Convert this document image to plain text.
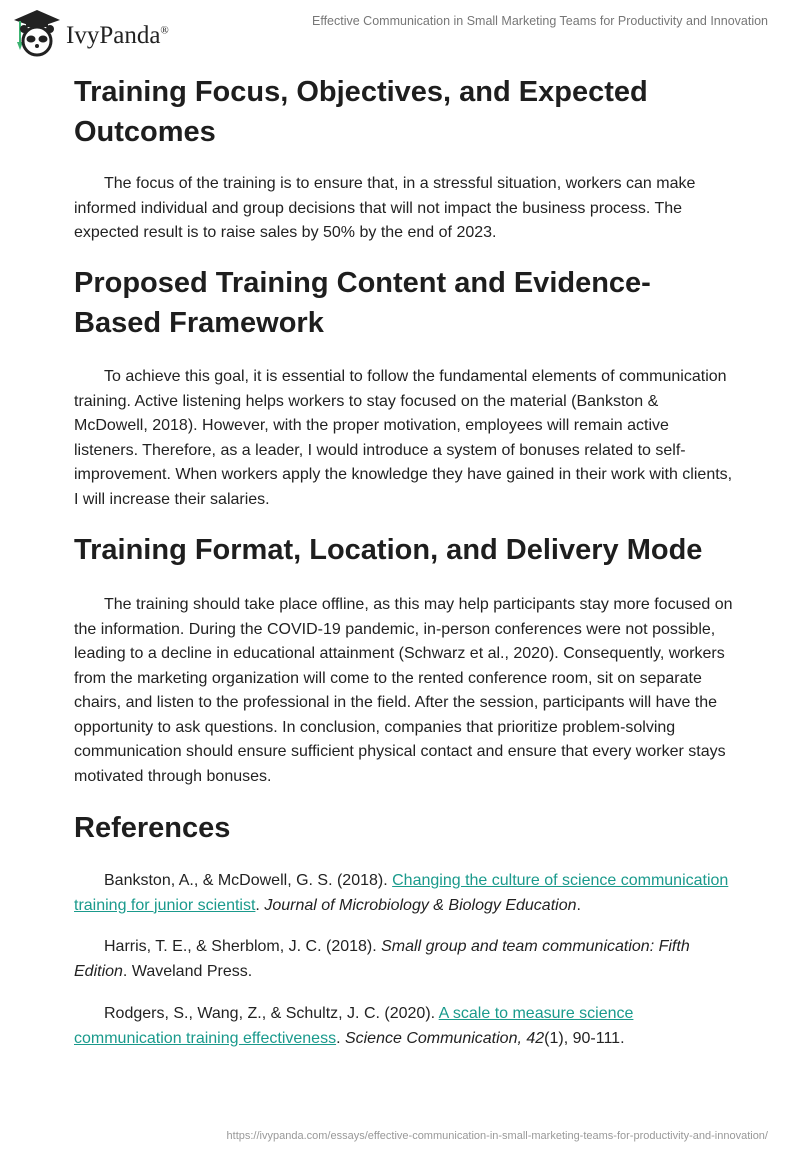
IvyPanda®
Effective Communication in Small Marketing Teams for Productivity and Innovation
Training Focus, Objectives, and Expected Outcomes

The focus of the training is to ensure that, in a stressful situation, workers can make informed individual and group decisions that will not impact the business process. The expected result is to raise sales by 50% by the end of 2023.

Proposed Training Content and Evidence-Based Framework

To achieve this goal, it is essential to follow the fundamental elements of communication training. Active listening helps workers to stay focused on the material (Bankston & McDowell, 2018). However, with the proper motivation, employees will remain active listeners. Therefore, as a leader, I would introduce a system of bonuses related to self-improvement. When workers apply the knowledge they have gained in their work with clients, I will increase their salaries.

Training Format, Location, and Delivery Mode

The training should take place offline, as this may help participants stay more focused on the information. During the COVID-19 pandemic, in-person conferences were not possible, leading to a decline in educational attainment (Schwarz et al., 2020). Consequently, workers from the marketing organization will come to the rented conference room, sit on separate chairs, and listen to the professional in the field. After the session, participants will have the opportunity to ask questions. In conclusion, companies that prioritize problem-solving communication should ensure sufficient physical contact and ensure that every worker stays motivated through bonuses.

References

Bankston, A., & McDowell, G. S. (2018). Changing the culture of science communication training for junior scientist. Journal of Microbiology & Biology Education.

Harris, T. E., & Sherblom, J. C. (2018). Small group and team communication: Fifth Edition. Waveland Press.

Rodgers, S., Wang, Z., & Schultz, J. C. (2020). A scale to measure science communication training effectiveness. Science Communication, 42(1), 90-111.

https://ivypanda.com/essays/effective-communication-in-small-marketing-teams-for-productivity-and-innovation/
